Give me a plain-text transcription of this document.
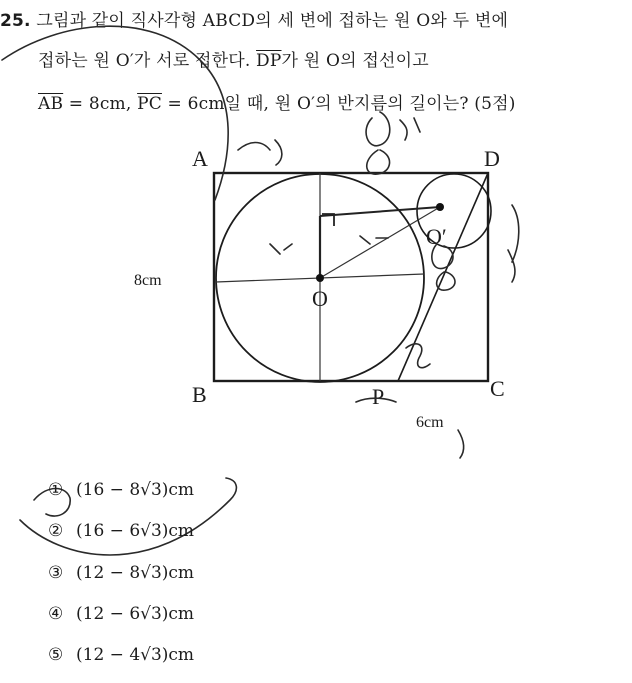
25. 그림과 같이 직사각형 ABCD의 세 변에 접하는 원 O와 두 변에
접하는 원 O′가 서로 접한다. $\overline{DP}$가 원 O의 접선이고
$\overline{AB} = 8cm$, $\overline{PC} = 6cm$일 때, 원 O′의 반지름의 길이는? (5점)
A
B	C
D
O
O′
P
8cm
6cm
① (16 − 8√3)cm
② (16 − 6√3)cm
③ (12 − 8√3)cm
④ (12 − 6√3)cm
⑤ (12 − 4√3)cm
